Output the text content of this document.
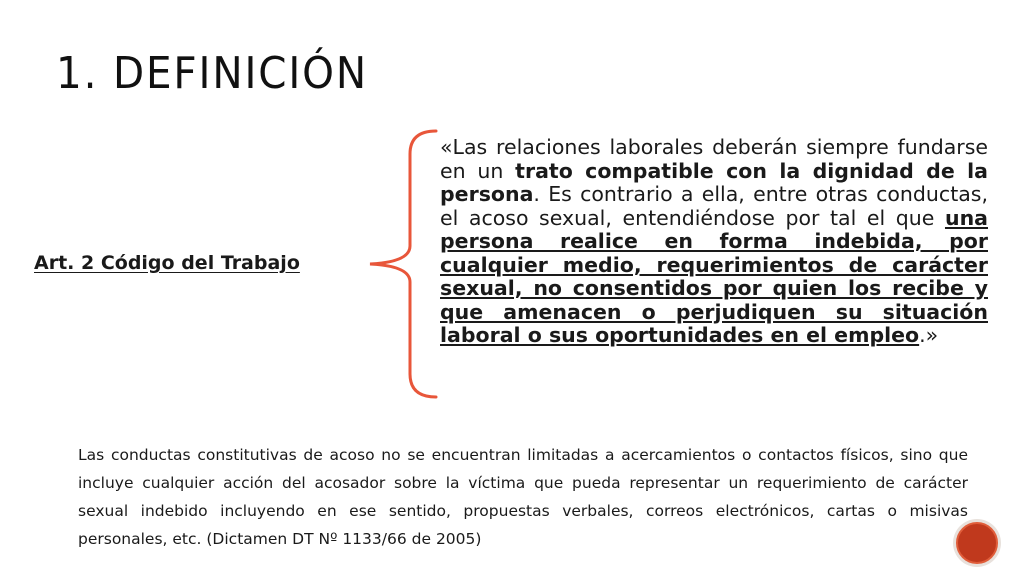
1. DEFINICIÓN
Art. 2 Código del Trabajo
«Las relaciones laborales deberán siempre fundarse en un trato compatible con la dignidad de la persona. Es contrario a ella, entre otras conductas, el acoso sexual, entendiéndose por tal el que una persona realice en forma indebida, por cualquier medio, requerimientos de carácter sexual, no consentidos por quien los recibe y que amenacen o perjudiquen su situación laboral o sus oportunidades en el empleo.»
Las conductas constitutivas de acoso no se encuentran limitadas a acercamientos o contactos físicos, sino que incluye cualquier acción del acosador sobre la víctima que pueda representar un requerimiento de carácter sexual indebido incluyendo en ese sentido, propuestas verbales, correos electrónicos, cartas o misivas personales, etc. (Dictamen DT Nº 1133/66 de 2005)
